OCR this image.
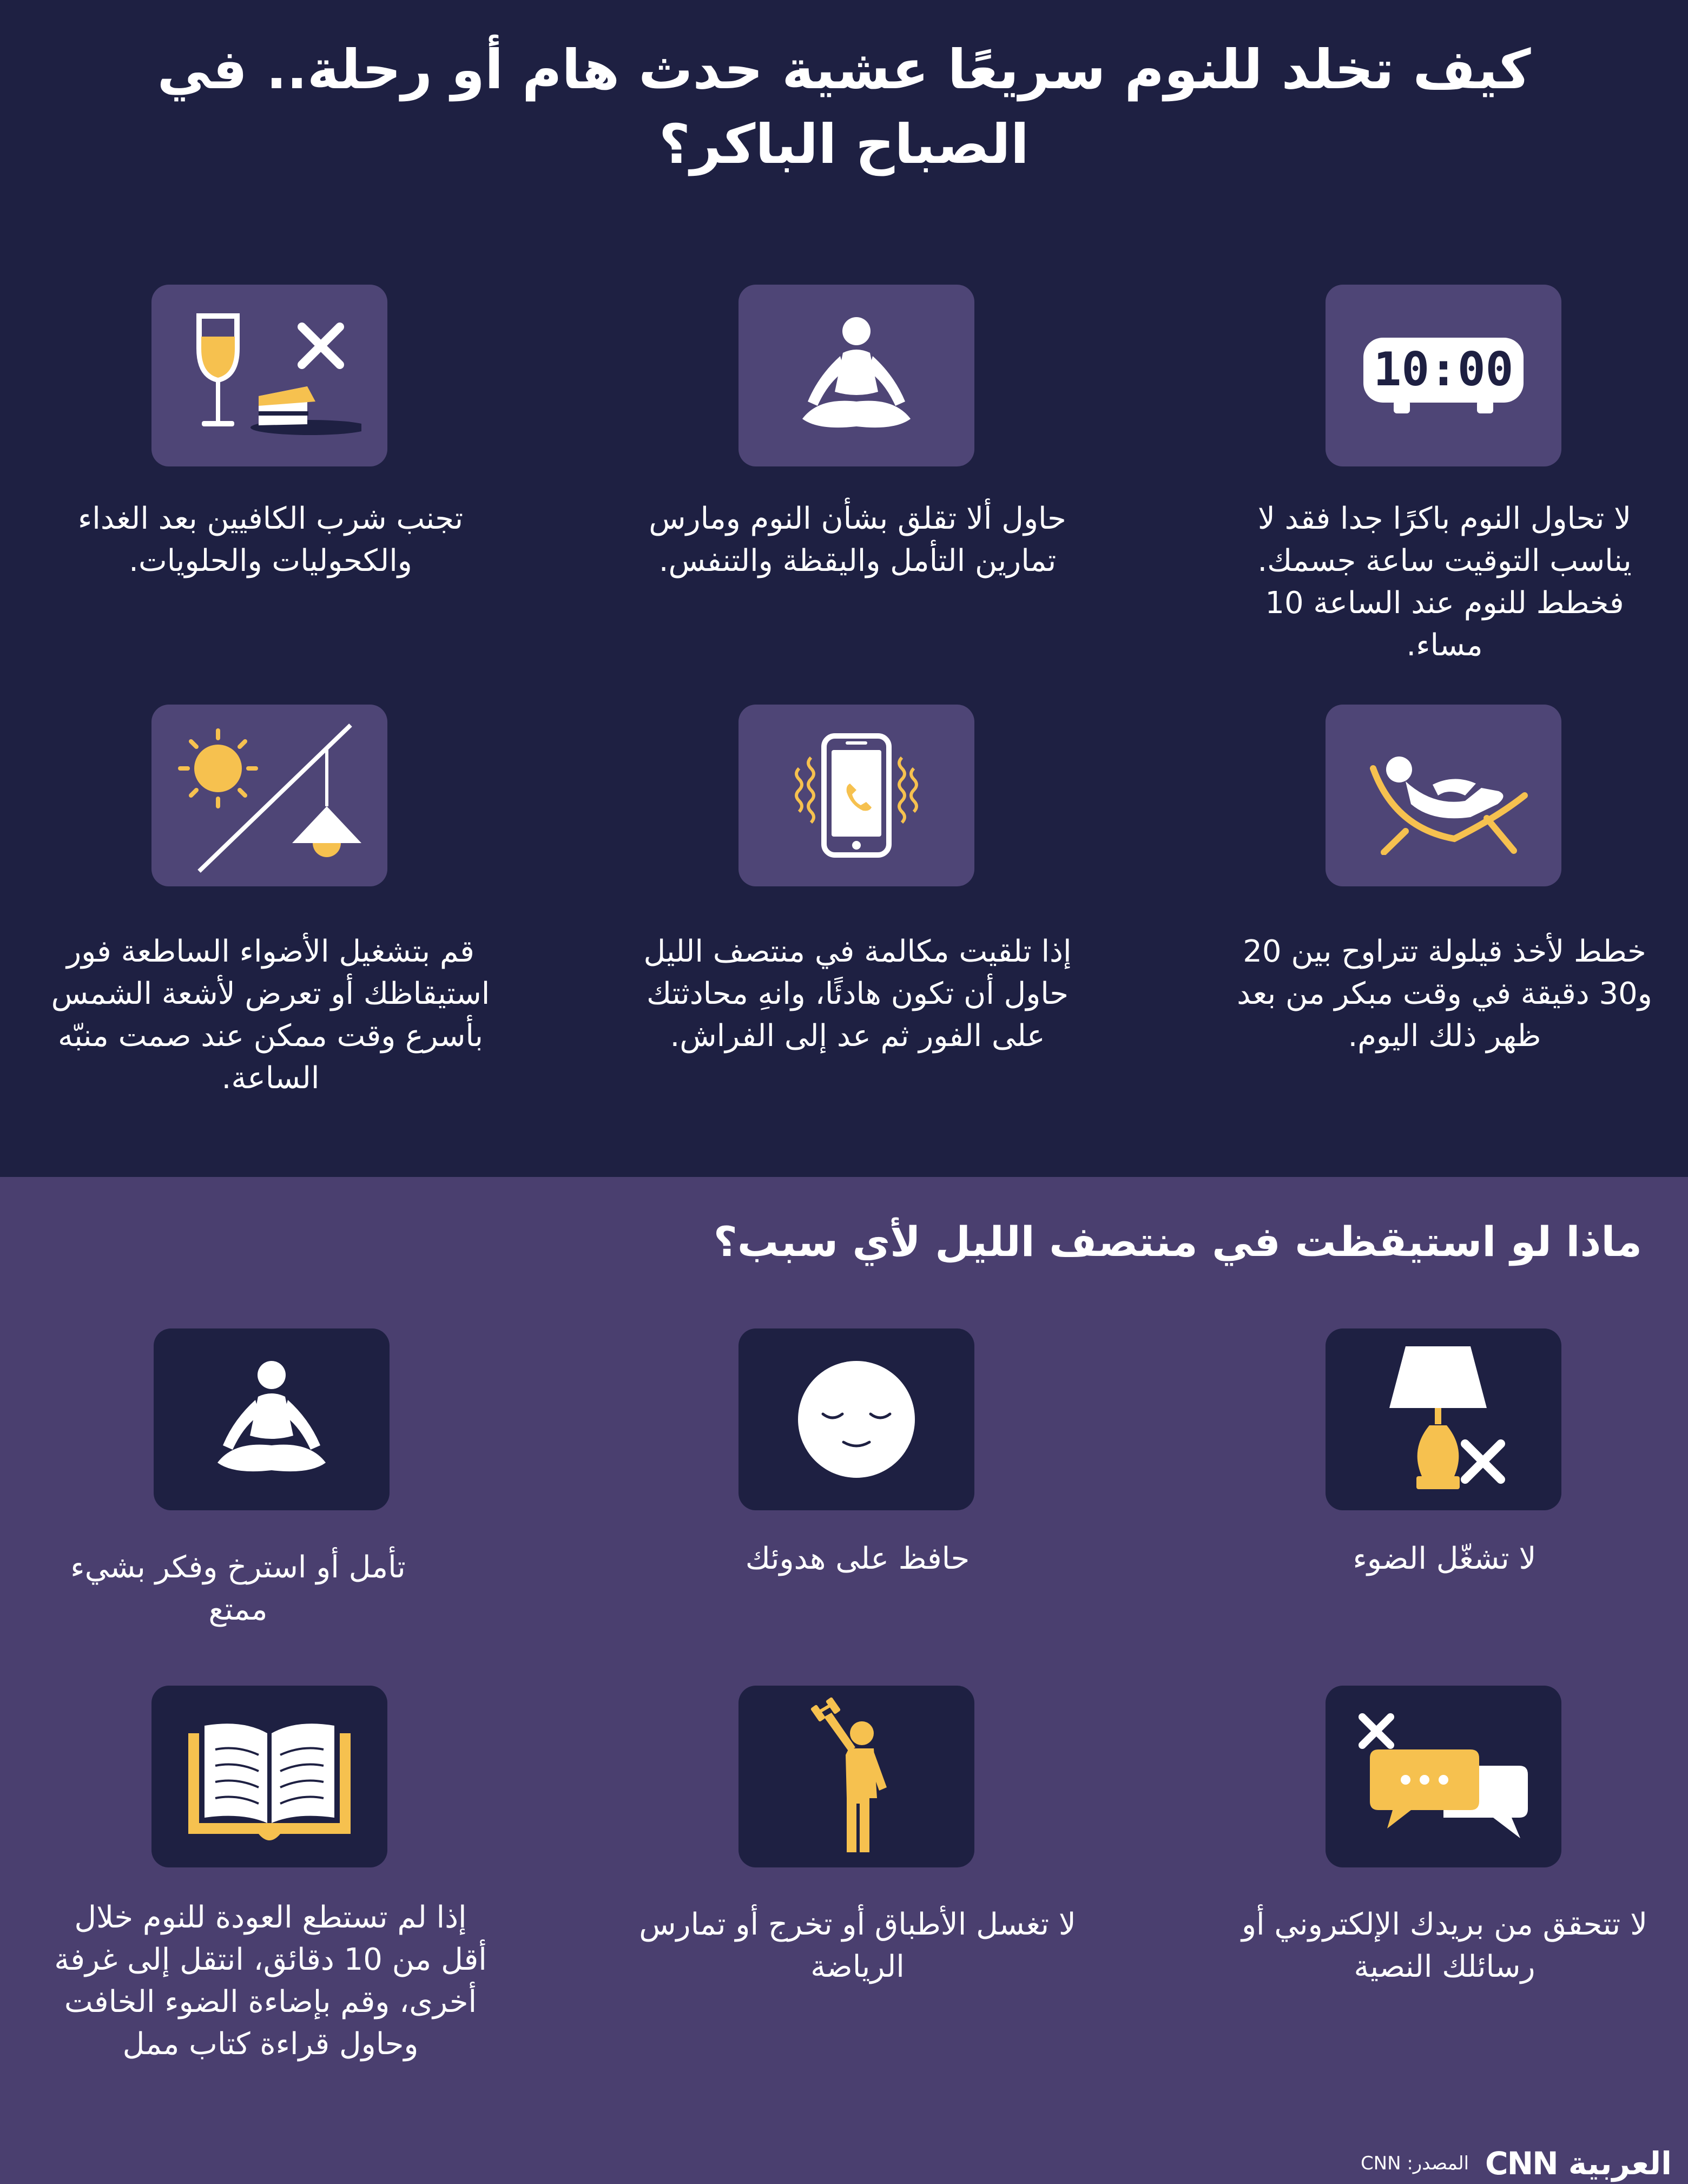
كيف تخلد للنوم سريعًا عشية حدث هام أو رحلة.. في الصباح الباكر؟
10:00
لا تحاول النوم باكرًا جدا فقد لا يناسب التوقيت ساعة جسمك. فخطط للنوم عند الساعة 10 مساء.
حاول ألا تقلق بشأن النوم ومارس تمارين التأمل واليقظة والتنفس.
تجنب شرب الكافيين بعد الغداء والكحوليات والحلويات.
خطط لأخذ قيلولة تتراوح بين 20 و30 دقيقة في وقت مبكر من بعد ظهر ذلك اليوم.
إذا تلقيت مكالمة في منتصف الليل حاول أن تكون هادئًا، وانهِ محادثتك على الفور ثم عد إلى الفراش.
قم بتشغيل الأضواء الساطعة فور استيقاظك أو تعرض لأشعة الشمس بأسرع وقت ممكن عند صمت منبّه الساعة.
ماذا لو استيقظت في منتصف الليل لأي سبب؟
لا تشغّل الضوء
حافظ على هدوئك
تأمل أو استرخ وفكر بشيء ممتع
لا تتحقق من بريدك الإلكتروني أو رسائلك النصية
لا تغسل الأطباق أو تخرج أو تمارس الرياضة
إذا لم تستطع العودة للنوم خلال أقل من 10 دقائق، انتقل إلى غرفة أخرى، وقم بإضاءة الضوء الخافت وحاول قراءة كتاب ممل
العربية CNN
المصدر: CNN
